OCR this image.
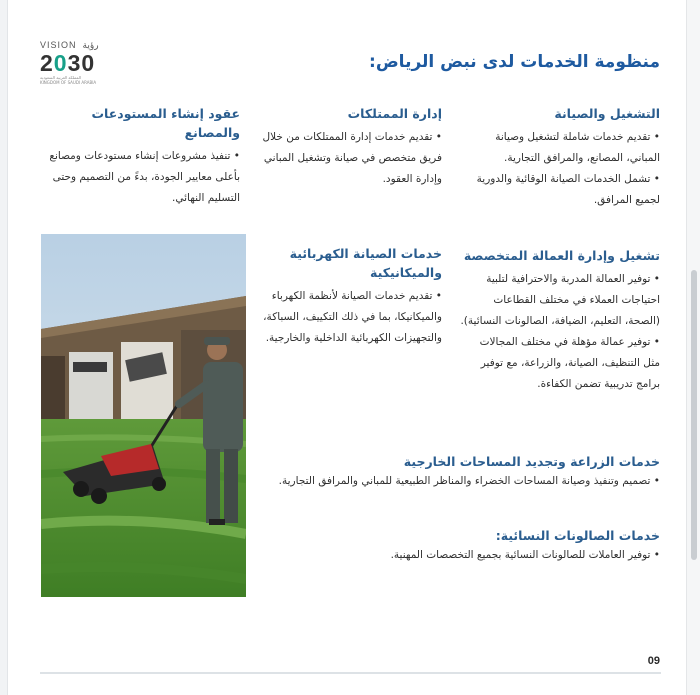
VISION رؤية
2030
المملكة العربية السعودية
KINGDOM OF SAUDI ARABIA
منظومة الخدمات لدى نبض الرياض:
التشغيل والصيانة

• تقديم خدمات شاملة لتشغيل وصيانة المباني، المصانع، والمرافق التجارية.

• تشمل الخدمات الصيانة الوقائية والدورية لجميع المرافق.

إدارة الممتلكات

• تقديم خدمات إدارة الممتلكات من خلال فريق متخصص في صيانة وتشغيل المباني وإدارة العقود.

عقود إنشاء المستودعات والمصانع

• تنفيذ مشروعات إنشاء مستودعات ومصانع بأعلى معايير الجودة، بدءً من التصميم وحتى التسليم النهائي.

تشغيل وإدارة العمالة المتخصصة

• توفير العمالة المدربة والاحترافية لتلبية احتياجات العملاء في مختلف القطاعات (الصحة، التعليم، الضيافة، الصالونات النسائية).

• توفير عمالة مؤهلة في مختلف المجالات مثل التنظيف، الصيانة، والزراعة، مع توفير برامج تدريبية تضمن الكفاءة.

خدمات الصيانة الكهربائية والميكانيكية

• تقديم خدمات الصيانة لأنظمة الكهرباء والميكانيكا، بما في ذلك التكييف، السباكة، والتجهيزات الكهربائية الداخلية والخارجية.

خدمات الزراعة وتجديد المساحات الخارجية

• تصميم وتنفيذ وصيانة المساحات الخضراء والمناظر الطبيعية للمباني والمرافق التجارية.

خدمات الصالونات النسائية:

• توفير العاملات للصالونات النسائية بجميع التخصصات المهنية.

09
